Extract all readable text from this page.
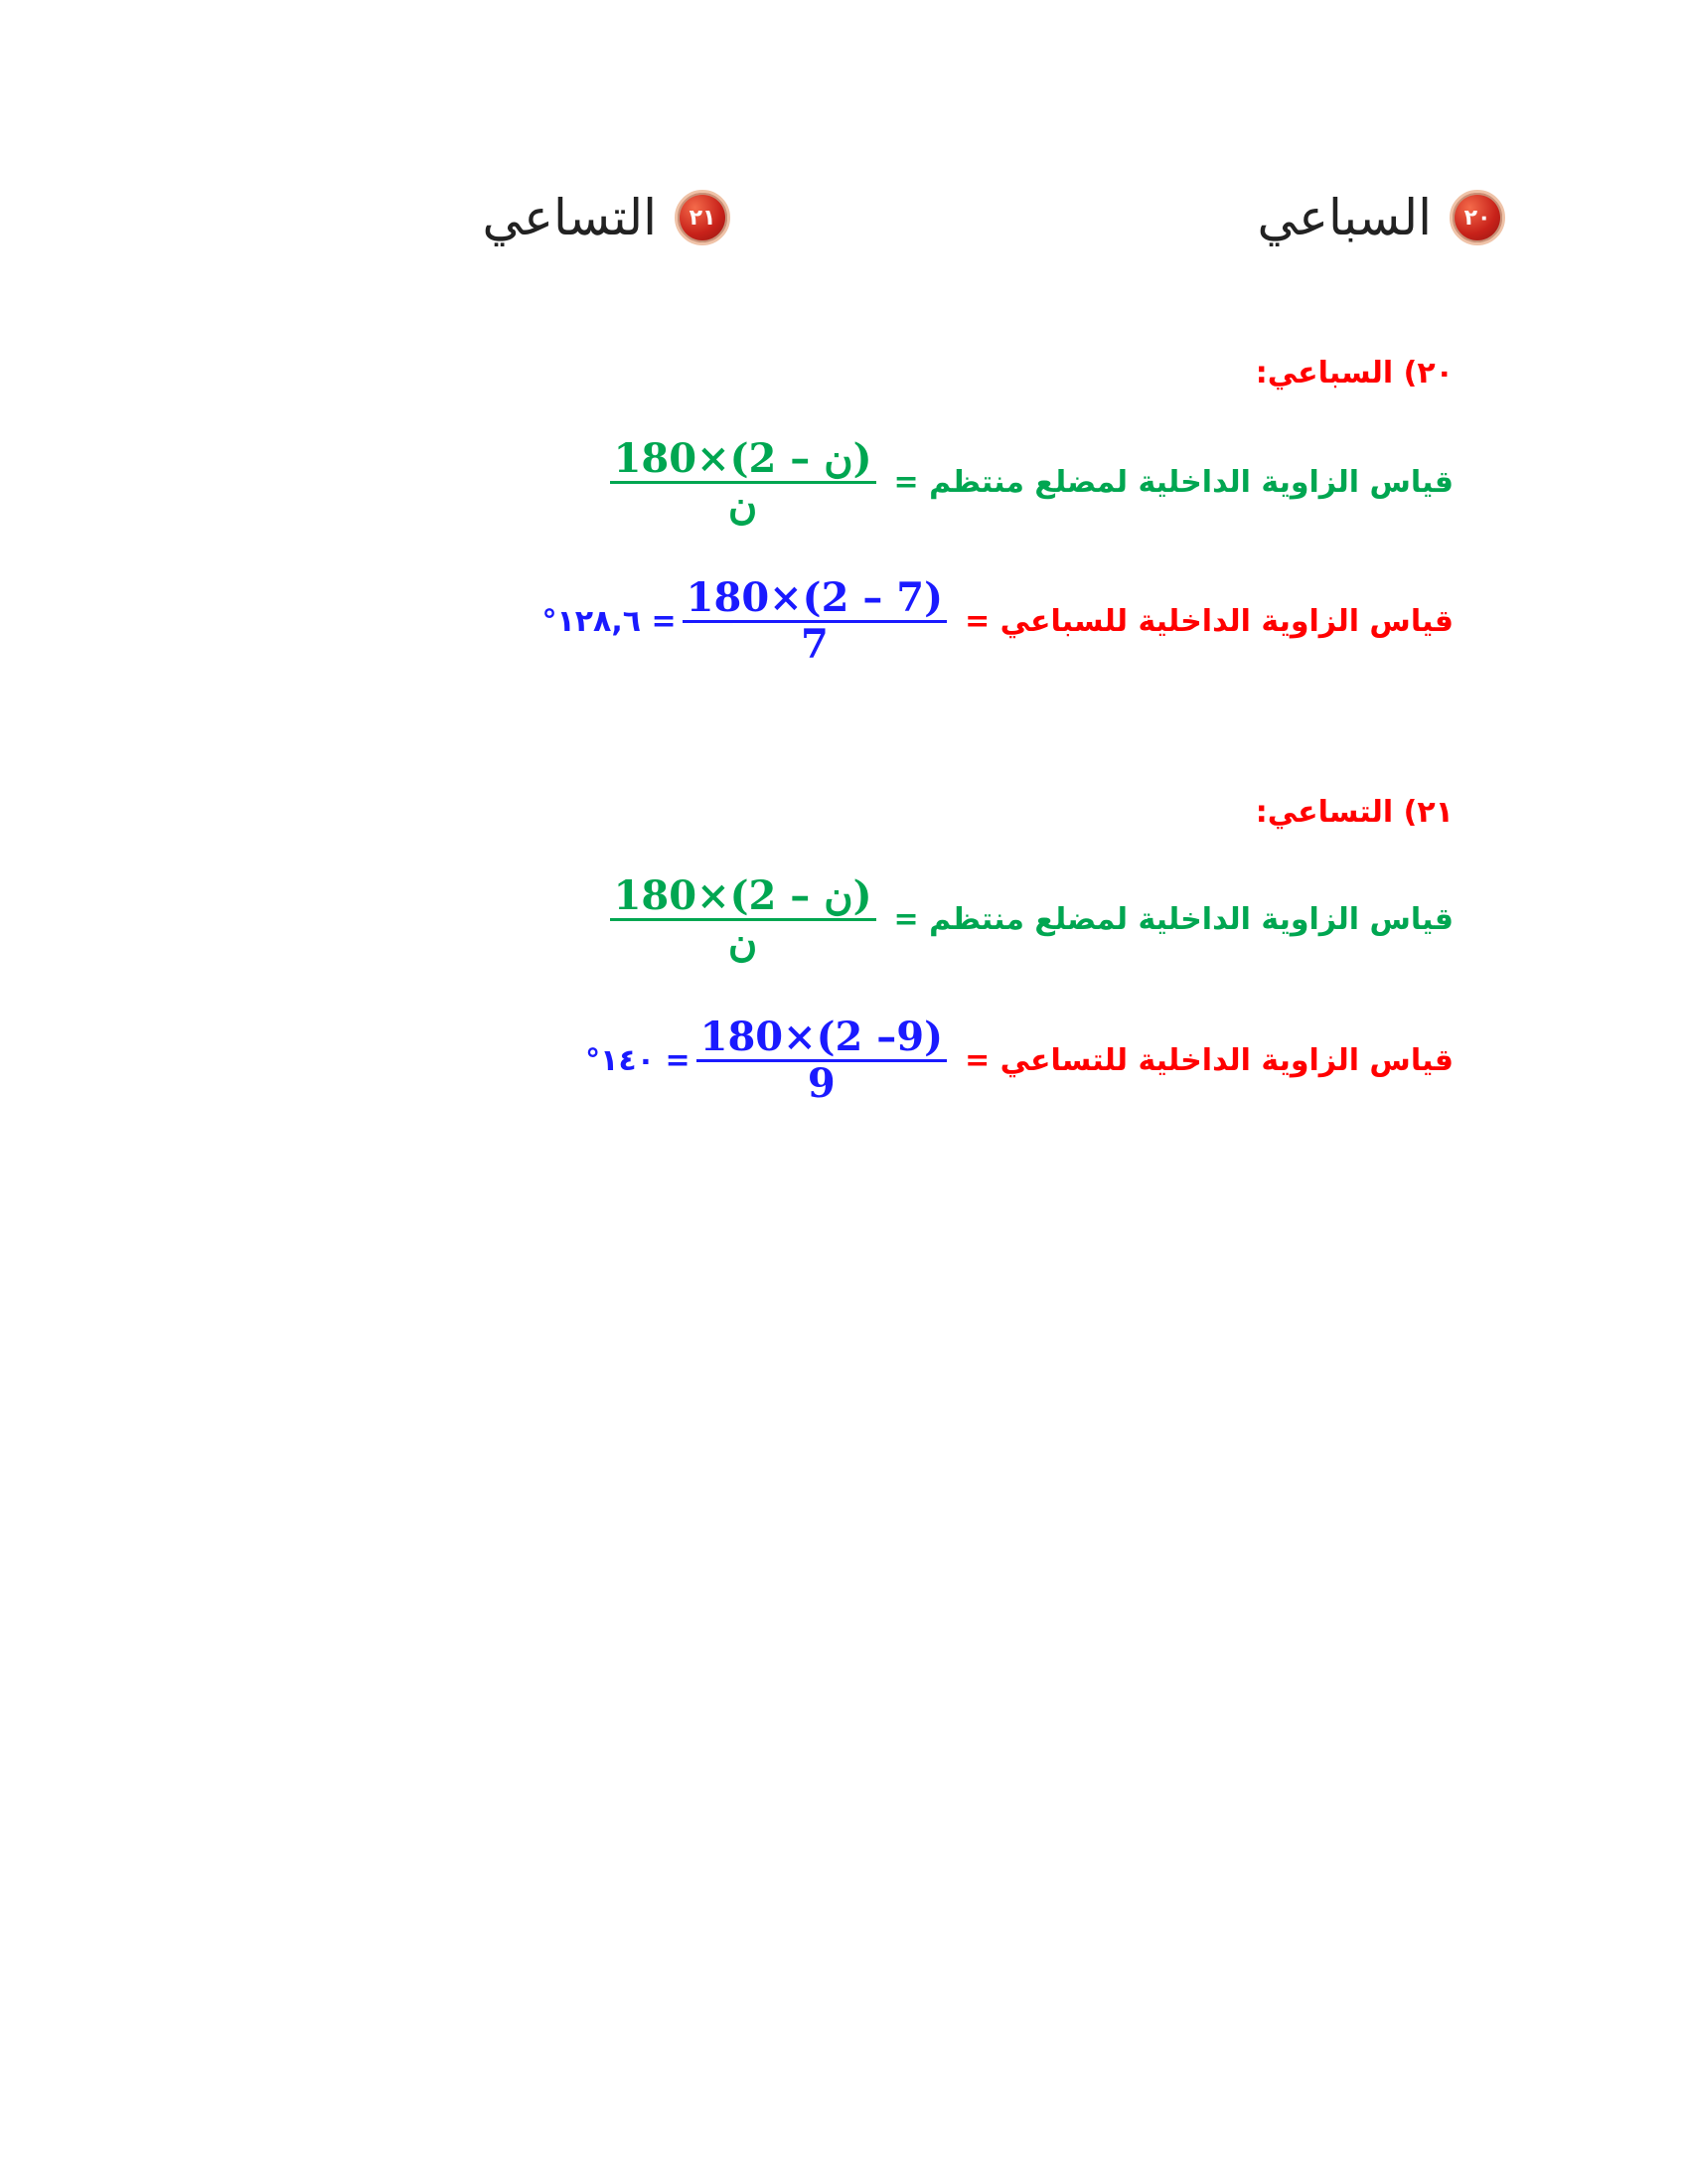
٢٠
السباعي
٢١
التساعي
٢٠) السباعي:
قياس الزاوية الداخلية لمضلع منتظم =
$\frac{\text{180×(2 – ن)}}{\text{ن}}$
قياس الزاوية الداخلية للسباعي =
$\frac{180\times(2 - 7)}{7}$
= ١٢٨,٦°
٢١) التساعي:
قياس الزاوية الداخلية لمضلع منتظم =
$\frac{\text{180×(2 – ن)}}{\text{ن}}$
قياس الزاوية الداخلية للتساعي =
$\frac{180\times(2 -9)}{9}$
= ١٤٠°
